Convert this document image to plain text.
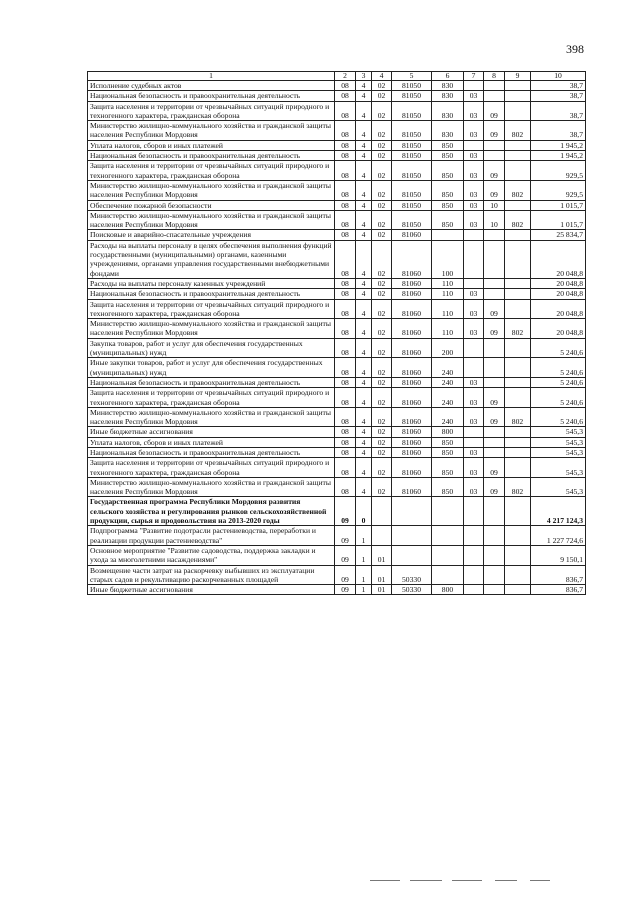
398
1	2	3	4	5	6	7	8	9	10
Исполнение судебных актов	08	4	02	81050	830				38,7
Национальная безопасность и правоохранительная деятельность	08	4	02	81050	830	03			38,7
Защита населения и территории от чрезвычайных ситуаций природного и техногенного характера, гражданская оборона	08	4	02	81050	830	03	09		38,7
Министерство жилищно-коммунального хозяйства и гражданской защиты населения Республики Мордовия	08	4	02	81050	830	03	09	802	38,7
Уплата налогов, сборов и иных платежей	08	4	02	81050	850				1 945,2
Национальная безопасность и правоохранительная деятельность	08	4	02	81050	850	03			1 945,2
Защита населения и территории от чрезвычайных ситуаций природного и техногенного характера, гражданская оборона	08	4	02	81050	850	03	09		929,5
Министерство жилищно-коммунального хозяйства и гражданской защиты населения Республики Мордовия	08	4	02	81050	850	03	09	802	929,5
Обеспечение пожарной безопасности	08	4	02	81050	850	03	10		1 015,7
Министерство жилищно-коммунального хозяйства и гражданской защиты населения Республики Мордовия	08	4	02	81050	850	03	10	802	1 015,7
Поисковые и аварийно-спасательные учреждения	08	4	02	81060					25 834,7
Расходы на выплаты персоналу в целях обеспечения выполнения функций государственными (муниципальными) органами, казенными учреждениями, органами управления государственными внебюджетными фондами	08	4	02	81060	100				20 048,8
Расходы на выплаты персоналу казенных учреждений	08	4	02	81060	110				20 048,8
Национальная безопасность и правоохранительная деятельность	08	4	02	81060	110	03			20 048,8
Защита населения и территории от чрезвычайных ситуаций природного и техногенного характера, гражданская оборона	08	4	02	81060	110	03	09		20 048,8
Министерство жилищно-коммунального хозяйства и гражданской защиты населения Республики Мордовия	08	4	02	81060	110	03	09	802	20 048,8
Закупка товаров, работ и услуг для обеспечения государственных (муниципальных) нужд	08	4	02	81060	200				5 240,6
Иные закупки товаров, работ и услуг для обеспечения государственных (муниципальных) нужд	08	4	02	81060	240				5 240,6
Национальная безопасность и правоохранительная деятельность	08	4	02	81060	240	03			5 240,6
Защита населения и территории от чрезвычайных ситуаций природного и техногенного характера, гражданская оборона	08	4	02	81060	240	03	09		5 240,6
Министерство жилищно-коммунального хозяйства и гражданской защиты населения Республики Мордовия	08	4	02	81060	240	03	09	802	5 240,6
Иные бюджетные ассигнования	08	4	02	81060	800				545,3
Уплата налогов, сборов и иных платежей	08	4	02	81060	850				545,3
Национальная безопасность и правоохранительная деятельность	08	4	02	81060	850	03			545,3
Защита населения и территории от чрезвычайных ситуаций природного и техногенного характера, гражданская оборона	08	4	02	81060	850	03	09		545,3
Министерство жилищно-коммунального хозяйства и гражданской защиты населения Республики Мордовия	08	4	02	81060	850	03	09	802	545,3
Государственная программа Республики Мордовия развития сельского хозяйства и регулирования рынков сельскохозяйственной продукции, сырья и продовольствия на 2013-2020 годы	09	0							4 217 124,3
Подпрограмма "Развитие подотрасли растениеводства, переработки и реализации продукции растениеводства"	09	1							1 227 724,6
Основное мероприятие "Развитие садоводства, поддержка закладки и ухода за многолетними насаждениями"	09	1	01						9 150,1
Возмещение части затрат на раскорчевку выбывших из эксплуатации старых садов и рекультивацию раскорчеванных площадей	09	1	01	50330					836,7
Иные бюджетные ассигнования	09	1	01	50330	800				836,7
